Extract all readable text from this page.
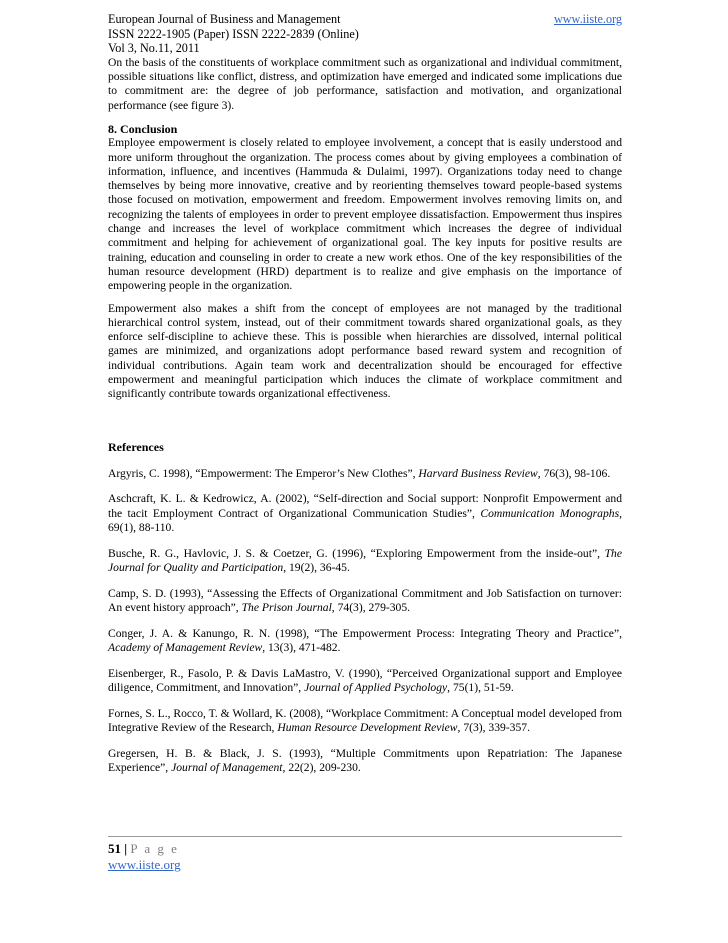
European Journal of Business and Management	www.iiste.org
ISSN 2222-1905 (Paper) ISSN 2222-2839 (Online)
Vol 3, No.11, 2011

On the basis of the constituents of workplace commitment such as organizational and individual commitment, possible situations like conflict, distress, and optimization have emerged and indicated some implications due to commitment are: the degree of job performance, satisfaction and motivation, and organizational performance (see figure 3).

8. Conclusion

Employee empowerment is closely related to employee involvement, a concept that is easily understood and more uniform throughout the organization. The process comes about by giving employees a combination of information, influence, and incentives (Hammuda & Dulaimi, 1997). Organizations today need to change themselves by being more innovative, creative and by reorienting themselves toward people-based systems those focused on motivation, empowerment and freedom. Empowerment involves removing limits on, and recognizing the talents of employees in order to prevent employee dissatisfaction. Empowerment thus inspires change and increases the level of workplace commitment which increases the degree of individual commitment and helping for achievement of organizational goal. The key inputs for positive results are training, education and counseling in order to create a new work ethos. One of the key responsibilities of the human resource development (HRD) department is to realize and give emphasis on the importance of empowering people in the organization.

Empowerment also makes a shift from the concept of employees are not managed by the traditional hierarchical control system, instead, out of their commitment towards shared organizational goals, as they enforce self-discipline to achieve these. This is possible when hierarchies are dissolved, internal political games are minimized, and organizations adopt performance based reward system and recognition of individual contributions. Again team work and decentralization should be encouraged for effective empowerment and meaningful participation which induces the climate of workplace commitment and significantly contribute towards organizational effectiveness.

References

Argyris, C. 1998), “Empowerment: The Emperor’s New Clothes”, Harvard Business Review, 76(3), 98-106.

Aschcraft, K. L. & Kedrowicz, A. (2002), “Self-direction and Social support: Nonprofit Empowerment and the tacit Employment Contract of Organizational Communication Studies”, Communication Monographs, 69(1), 88-110.

Busche, R. G., Havlovic, J. S. & Coetzer, G. (1996), “Exploring Empowerment from the inside-out”, The Journal for Quality and Participation, 19(2), 36-45.

Camp, S. D. (1993), “Assessing the Effects of Organizational Commitment and Job Satisfaction on turnover: An event history approach”, The Prison Journal, 74(3), 279-305.

Conger, J. A. & Kanungo, R. N. (1998), “The Empowerment Process: Integrating Theory and Practice”, Academy of Management Review, 13(3), 471-482.

Eisenberger, R., Fasolo, P. & Davis LaMastro, V. (1990), “Perceived Organizational support and Employee diligence, Commitment, and Innovation”, Journal of Applied Psychology, 75(1), 51-59.

Fornes, S. L., Rocco, T. & Wollard, K. (2008), “Workplace Commitment: A Conceptual model developed from Integrative Review of the Research, Human Resource Development Review, 7(3), 339-357.

Gregersen, H. B. & Black, J. S. (1993), “Multiple Commitments upon Repatriation: The Japanese Experience”, Journal of Management, 22(2), 209-230.

51 | P a g e
www.iiste.org
